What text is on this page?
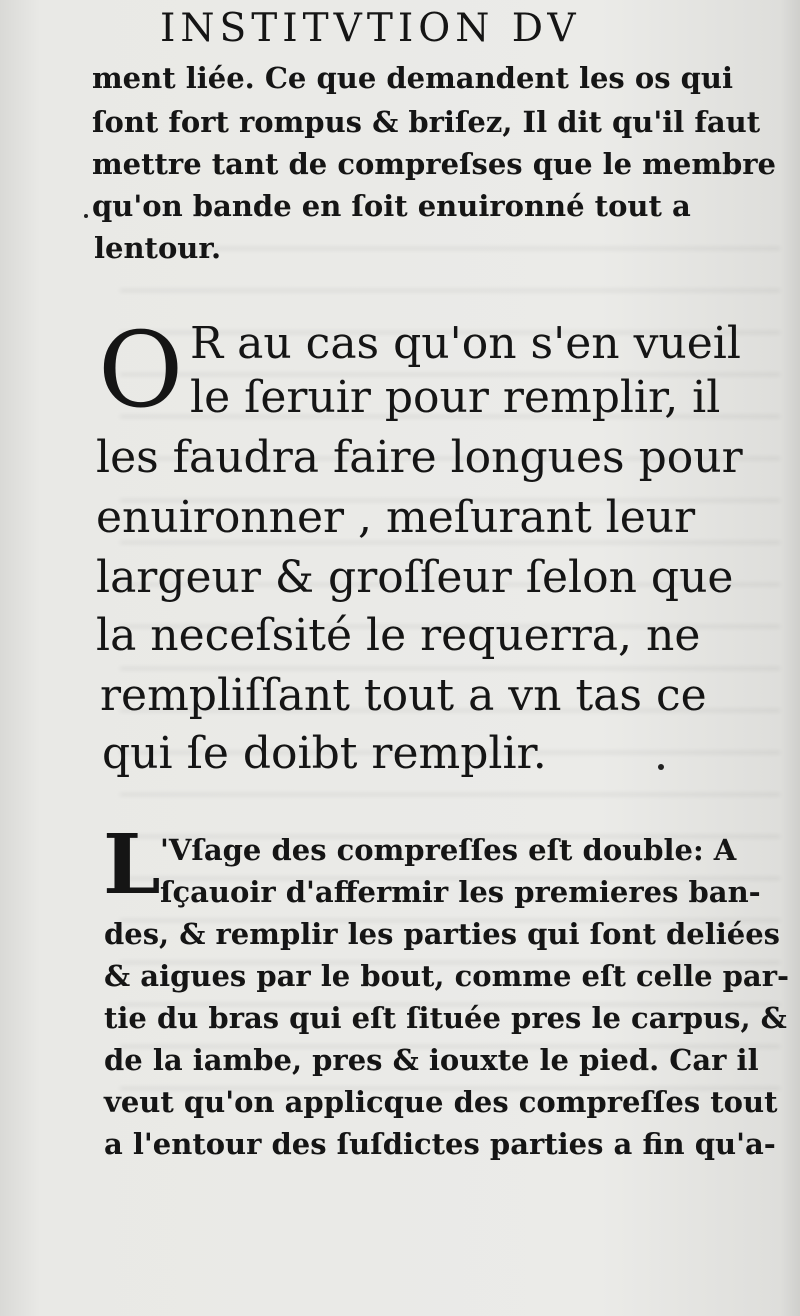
INSTITVTION DV

ment liée. Ce que demandent les os qui

ſont fort rompus & briſez, Il dit qu'il faut

mettre tant de compreſses que le membre

qu'on bande en ſoit enuironné tout a

lentour.

O R au cas qu'on s'en vueil

le ſeruir pour remplir, il

les faudra faire longues pour

enuironner , meſurant leur

largeur & groſſeur ſelon que

la neceſsité le requerra, ne

rempliſſant tout a vn tas ce

qui ſe doibt remplir.

L 'Vſage des compreſſes eſt double: A

ſçauoir d'affermir les premieres ban-

des, & remplir les parties qui ſont deliées

& aigues par le bout, comme eſt celle par-

tie du bras qui eſt ſituée pres le carpus, &

de la iambe, pres & iouxte le pied. Car il

veut qu'on applicque des compreſſes tout

a l'entour des ſuſdictes parties a fin qu'a-
